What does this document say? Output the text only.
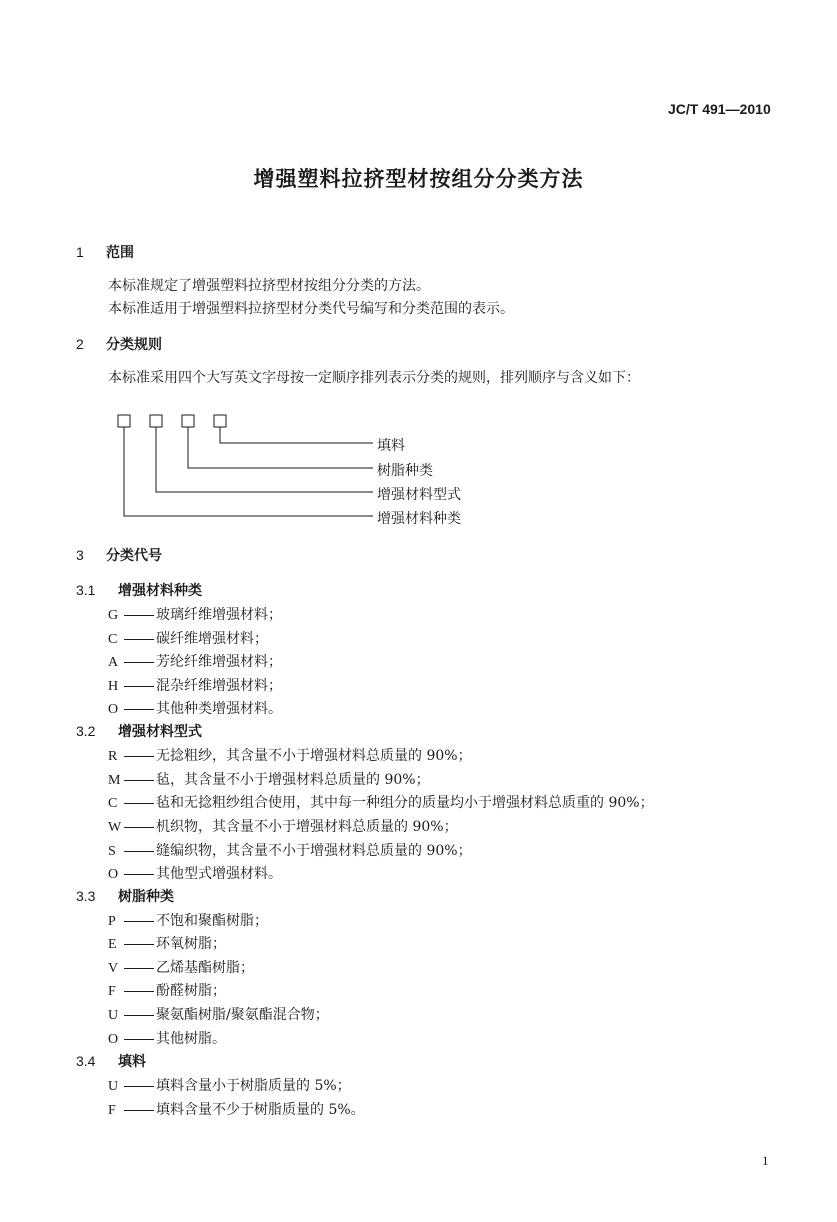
JC/T 491—2010
增强塑料拉挤型材按组分分类方法
1 范围
本标准规定了增强塑料拉挤型材按组分分类的方法。
本标准适用于增强塑料拉挤型材分类代号编写和分类范围的表示。
2 分类规则
本标准采用四个大写英文字母按一定顺序排列表示分类的规则，排列顺序与含义如下：
填料
树脂种类
增强材料型式
增强材料种类
3 分类代号
3.1 增强材料种类
G	玻璃纤维增强材料；
C	碳纤维增强材料；
A	芳纶纤维增强材料；
H	混杂纤维增强材料；
O	其他种类增强材料。
3.2 增强材料型式
R	无捻粗纱，其含量不小于增强材料总质量的 90%；
M	毡，其含量不小于增强材料总质量的 90%；
C	毡和无捻粗纱组合使用，其中每一种组分的质量均小于增强材料总质重的 90%；
W 机织物，其含量不小于增强材料总质量的 90%；
S	缝编织物，其含量不小于增强材料总质量的 90%；
O	其他型式增强材料。
3.3 树脂种类
P	不饱和聚酯树脂；
E	环氧树脂；
V	乙烯基酯树脂；
F	酚醛树脂；
U	聚氨酯树脂/聚氨酯混合物；
O	其他树脂。
3.4 填料
U	填料含量小于树脂质量的 5%；
F	填料含量不少于树脂质量的 5%。
1
